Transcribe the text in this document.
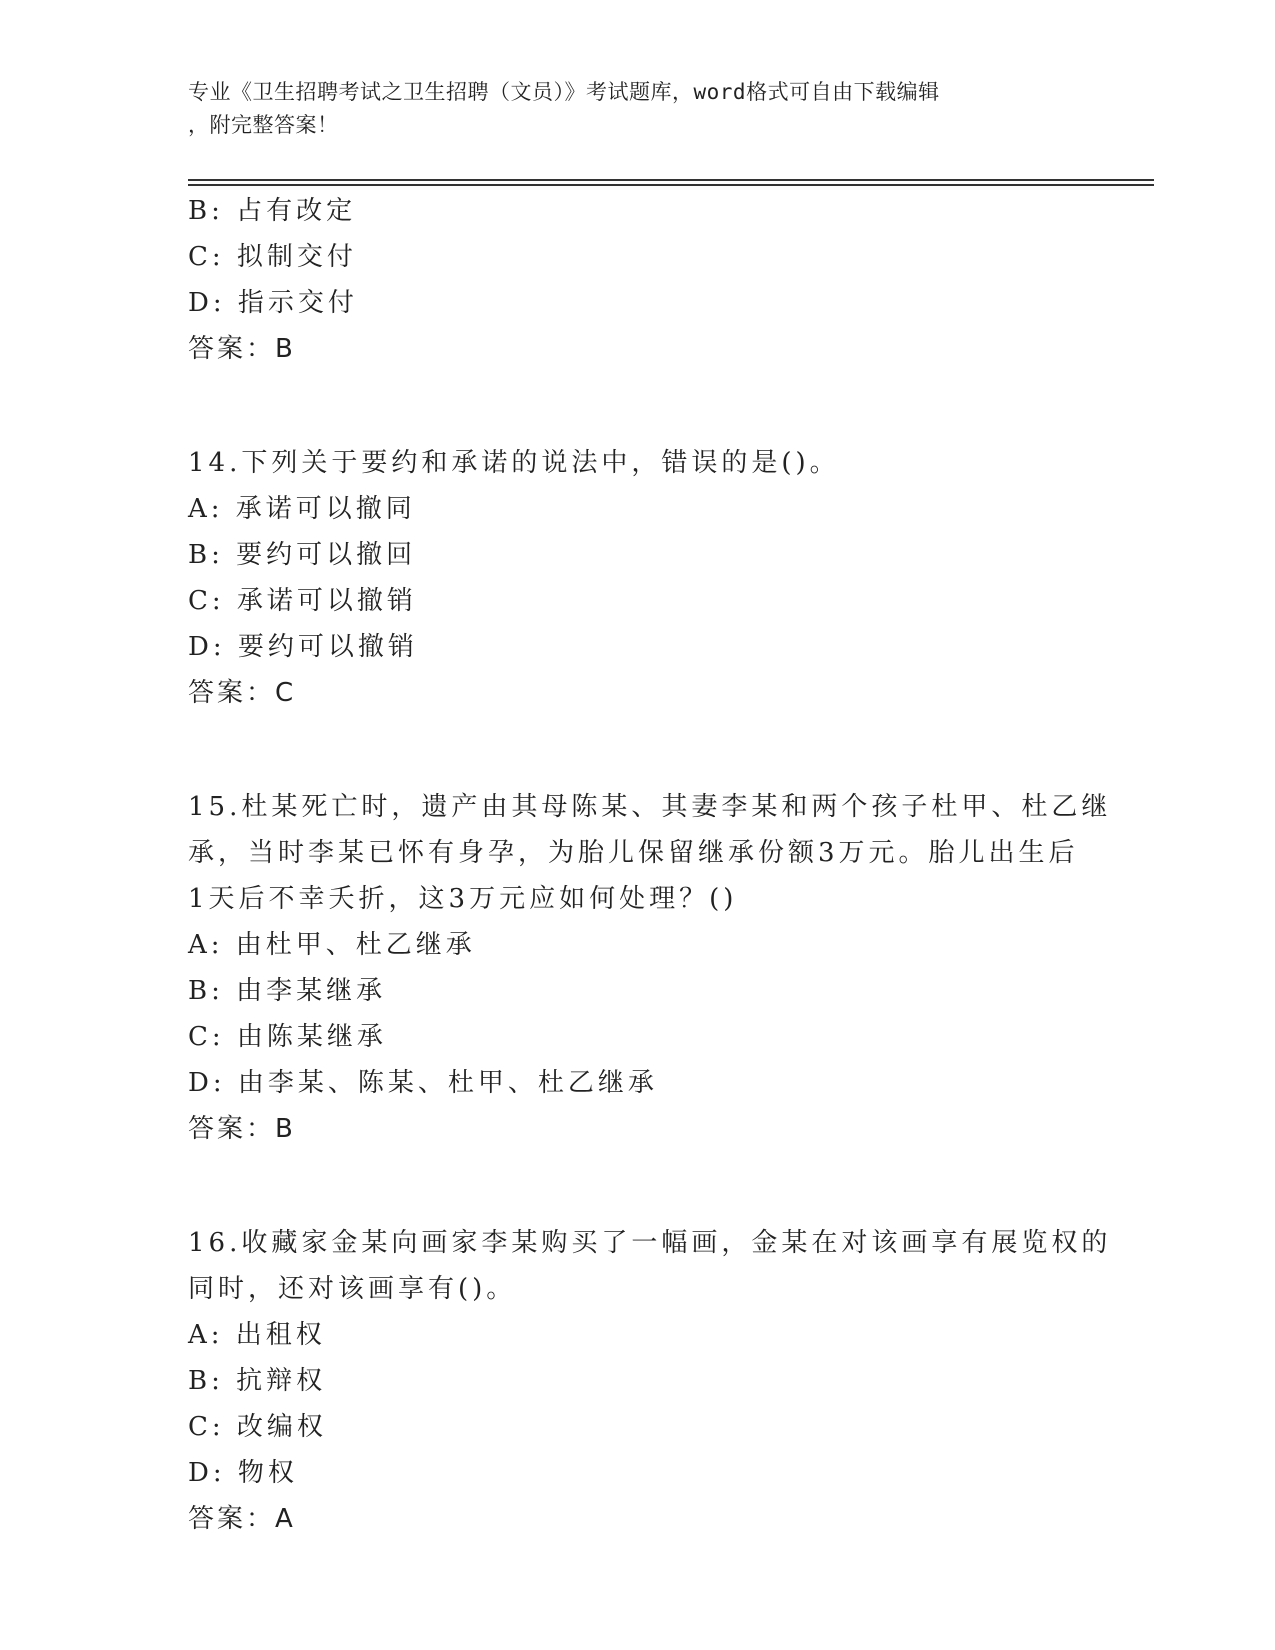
专业《卫生招聘考试之卫生招聘（文员）》考试题库，word格式可自由下载编辑
，附完整答案！
B: 占有改定
C: 拟制交付
D: 指示交付
答案：B
14.下列关于要约和承诺的说法中，错误的是()。
A: 承诺可以撤同
B: 要约可以撤回
C: 承诺可以撤销
D: 要约可以撤销
答案：C
15.杜某死亡时，遗产由其母陈某、其妻李某和两个孩子杜甲、杜乙继
承，当时李某已怀有身孕，为胎儿保留继承份额3万元。胎儿出生后
1天后不幸夭折，这3万元应如何处理？()
A: 由杜甲、杜乙继承
B: 由李某继承
C: 由陈某继承
D: 由李某、陈某、杜甲、杜乙继承
答案：B
16.收藏家金某向画家李某购买了一幅画，金某在对该画享有展览权的
同时，还对该画享有()。
A: 出租权
B: 抗辩权
C: 改编权
D: 物权
答案：A
